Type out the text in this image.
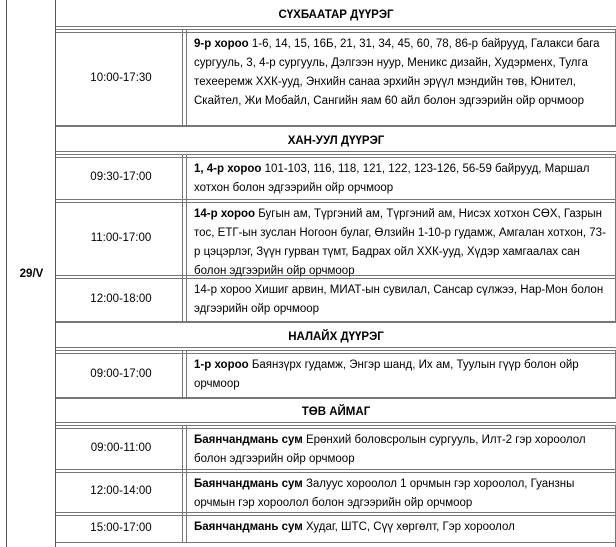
29/V
СҮХБААТАР ДҮҮРЭГ
10:00-17:30
9-р хороо 1-6, 14, 15, 16Б, 21, 31, 34, 45, 60, 78, 86-р байрууд, Галакси бага сургууль, 3, 4-р сургууль, Дэлгээн нуур, Меникс дизайн, Худэрменх, Тулга тeхeeрeмж ХХК-ууд, Энхийн санаа эрхийн эрүүл мэндийн төв, Юнител, Скайтел, Жи Мобайл, Сангийн яам 60 айл болон эдгээрийн ойр орчмоор
ХАН-УУЛ ДҮҮРЭГ
09:30-17:00
1, 4-р хороо 101-103, 116, 118, 121, 122, 123-126, 56-59 байрууд, Маршал хотхон болон эдгээрийн ойр орчмоор
11:00-17:00
14-р хороо Бугын ам, Түргэний ам, Түргэний ам, Нисэх хотхон СӨХ, Газрын тос, ЕТГ-ын зуслан Ногоон булаг, Өлзийн 1-10-р гудамж, Амгалан хотхон, 73-р цэцэрлэг, Зүүн гурван түмт, Бадрах ойл ХХК-ууд, Хүдэр хамгаалах сан болон эдгээрийн ойр орчмоор
12:00-18:00
14-р хороо Хишиг арвин, МИАТ-ын сувилал, Сансар сүлжээ, Нар-Мон болон эдгээрийн ойр орчмоор
НАЛАЙХ ДҮҮРЭГ
09:00-17:00
1-р хороо Баянзүрх гудамж, Энгэр шанд, Их ам, Туулын гүүр болон ойр орчмоор
ТӨВ АЙМАГ
09:00-11:00
Баянчандмань сум Ерөнхий боловсролын сургууль, Илт-2 гэр хороолол болон эдгээрийн ойр орчмоор
12:00-14:00
Баянчандмань сум Залуус хороолол 1 орчмын гэр хороолол, Гуанзны орчмын гэр хороолол болон эдгээрийн ойр орчмоор
15:00-17:00	Баянчандмань сум Худаг, ШТС, Сүү хөргөлт, Гэр хороолол
